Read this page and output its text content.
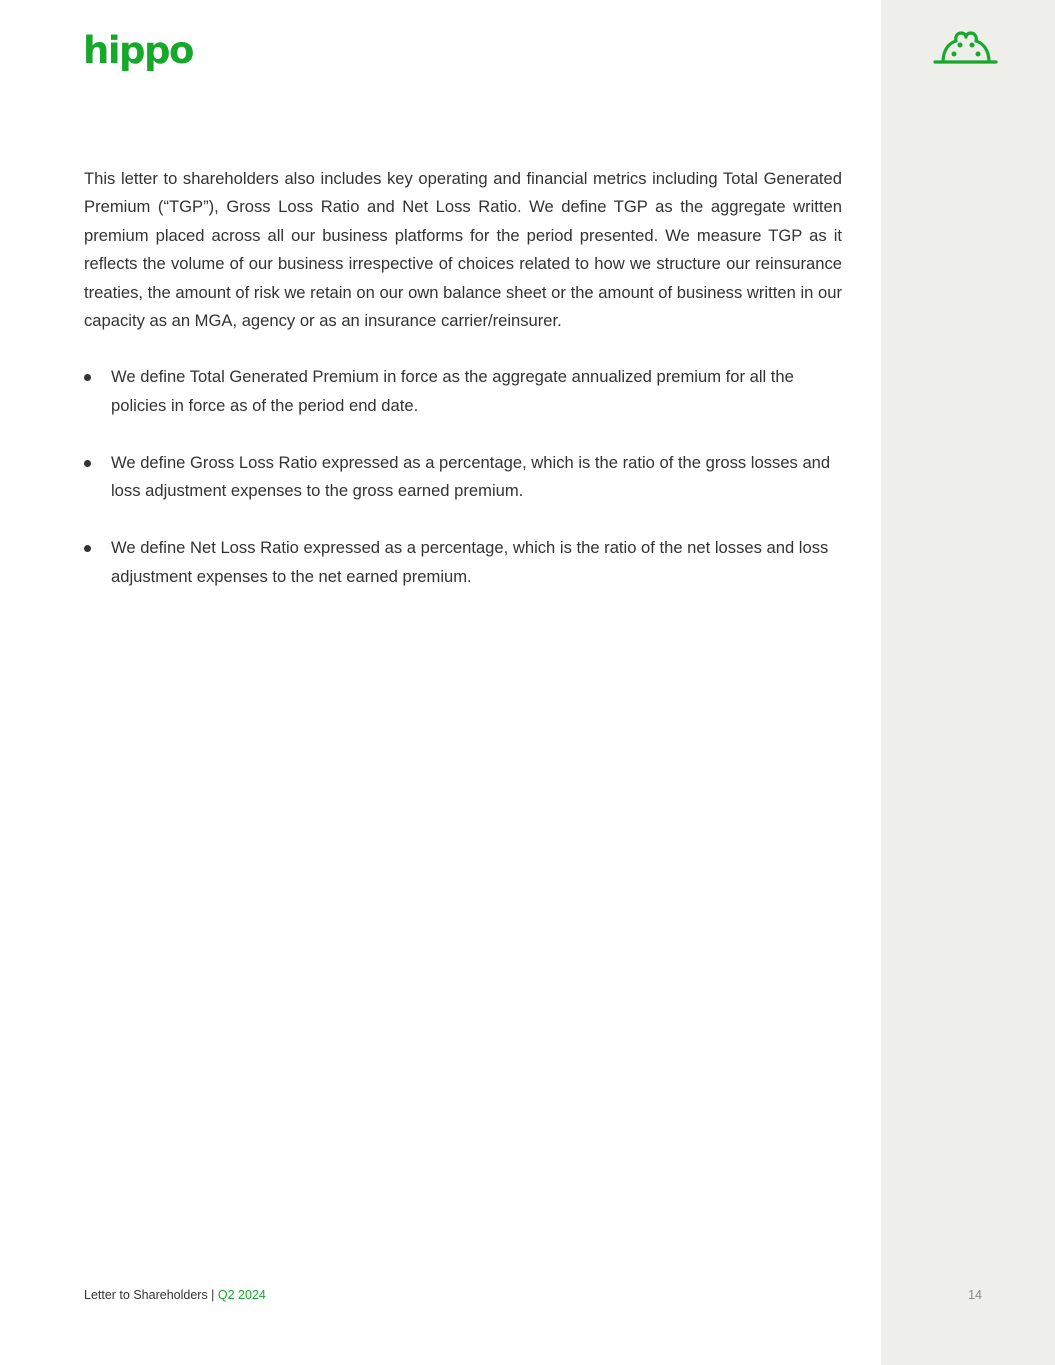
hippo

This letter to shareholders also includes key operating and financial metrics including Total Generated Premium (“TGP”), Gross Loss Ratio and Net Loss Ratio. We define TGP as the aggregate written premium placed across all our business platforms for the period presented. We measure TGP as it reflects the volume of our business irrespective of choices related to how we structure our reinsurance treaties, the amount of risk we retain on our own balance sheet or the amount of business written in our capacity as an MGA, agency or as an insurance carrier/reinsurer.

We define Total Generated Premium in force as the aggregate annualized premium for all the policies in force as of the period end date.
We define Gross Loss Ratio expressed as a percentage, which is the ratio of the gross losses and loss adjustment expenses to the gross earned premium.
We define Net Loss Ratio expressed as a percentage, which is the ratio of the net losses and loss adjustment expenses to the net earned premium.
Letter to Shareholders | Q2 2024	14
